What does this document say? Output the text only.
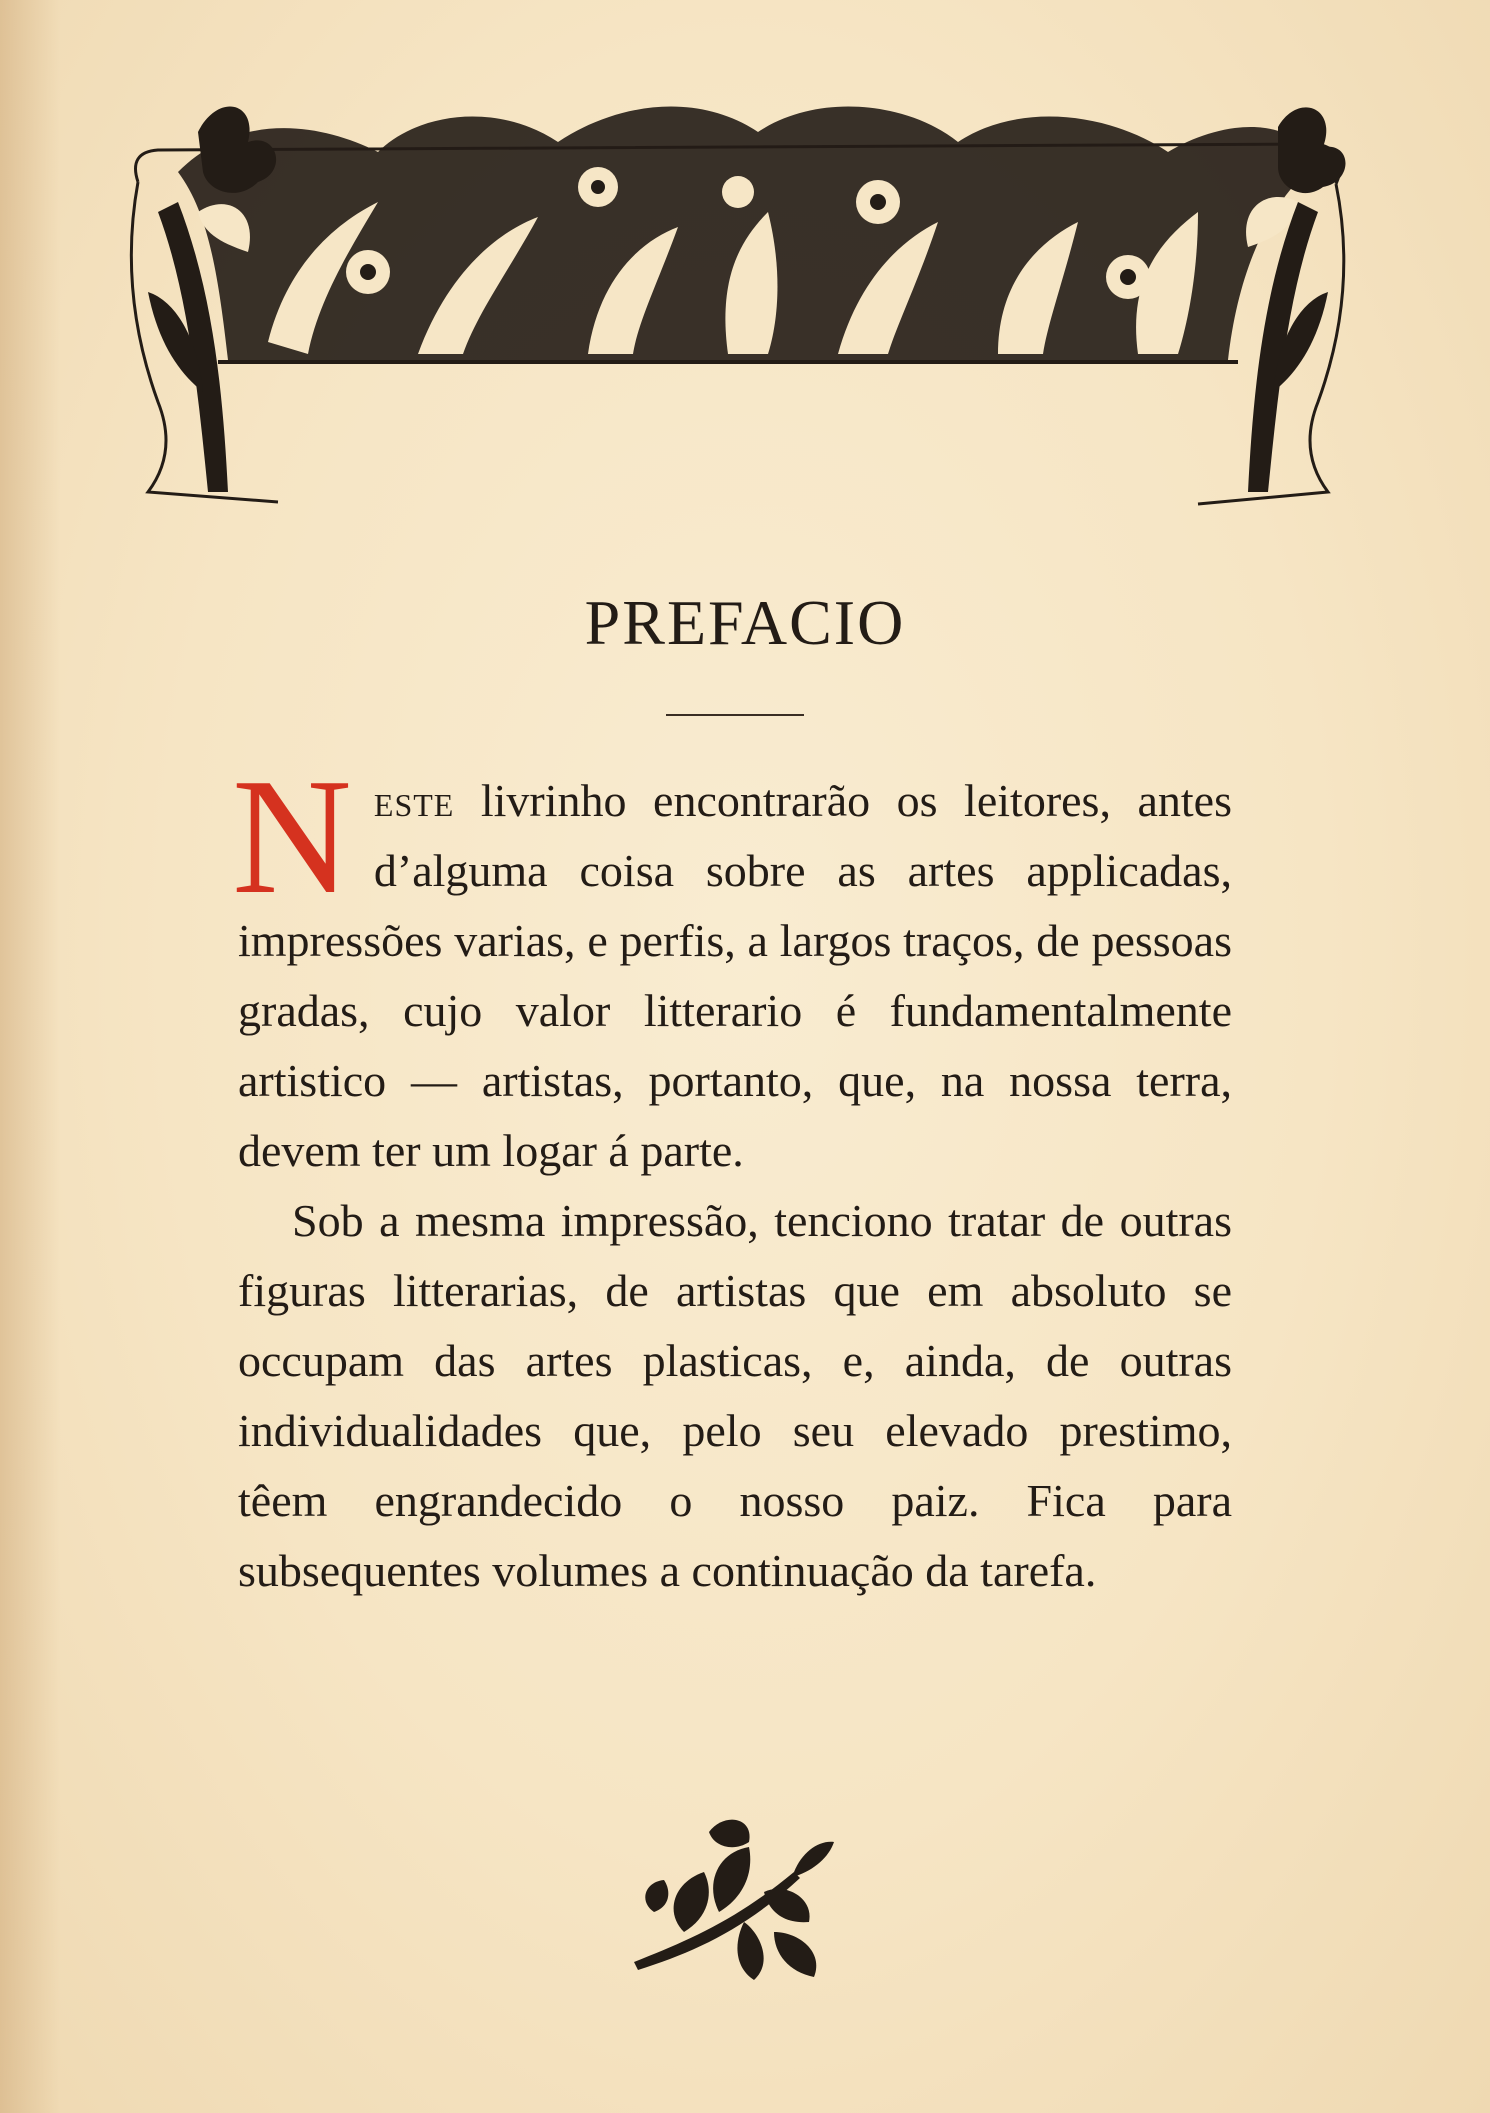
PREFACIO

Neste livrinho encontrarão os leitores, antes d’alguma coisa sobre as artes applicadas, impressões varias, e perfis, a largos traços, de pessoas gradas, cujo valor litterario é fundamentalmente artistico — artistas, portanto, que, na nossa terra, devem ter um logar á parte.

Sob a mesma impressão, tenciono tratar de outras figuras litterarias, de artistas que em absoluto se occupam das artes plasticas, e, ainda, de outras individualidades que, pelo seu elevado prestimo, têem engrandecido o nosso paiz. Fica para subsequentes volumes a continuação da tarefa.
